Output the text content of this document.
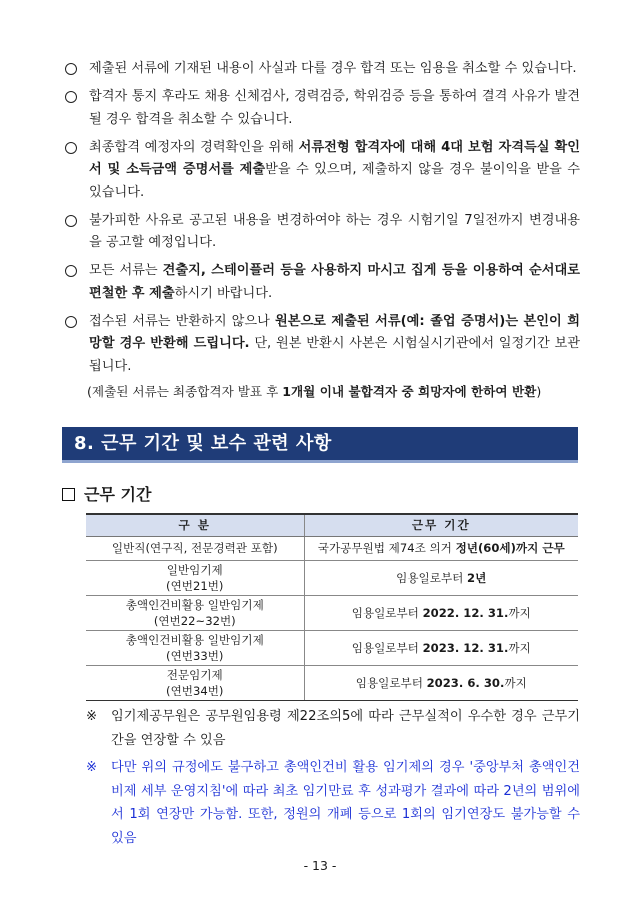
제출된 서류에 기재된 내용이 사실과 다를 경우 합격 또는 임용을 취소할 수 있습니다.
합격자 통지 후라도 채용 신체검사, 경력검증, 학위검증 등을 통하여 결격 사유가 발견될 경우 합격을 취소할 수 있습니다.
최종합격 예정자의 경력확인을 위해 서류전형 합격자에 대해 4대 보험 자격득실 확인서 및 소득금액 증명서를 제출받을 수 있으며, 제출하지 않을 경우 불이익을 받을 수 있습니다.
불가피한 사유로 공고된 내용을 변경하여야 하는 경우 시험기일 7일전까지 변경내용을 공고할 예정입니다.
모든 서류는 견출지, 스테이플러 등을 사용하지 마시고 집게 등을 이용하여 순서대로 편철한 후 제출하시기 바랍니다.
접수된 서류는 반환하지 않으나 원본으로 제출된 서류(예: 졸업 증명서)는 본인이 희망할 경우 반환해 드립니다. 단, 원본 반환시 사본은 시험실시기관에서 일정기간 보관됩니다.
(제출된 서류는 최종합격자 발표 후 1개월 이내 불합격자 중 희망자에 한하여 반환)
8. 근무 기간 및 보수 관련 사항
근무 기간
구 분	근무 기간
일반직(연구직, 전문경력관 포함)	국가공무원법 제74조 의거 정년(60세)까지 근무
일반임기제
(연번21번)	임용일로부터 2년
총액인건비활용 일반임기제
(연번22~32번)	임용일로부터 2022. 12. 31.까지
총액인건비활용 일반임기제
(연번33번)	임용일로부터 2023. 12. 31.까지
전문임기제
(연번34번)	임용일로부터 2023. 6. 30.까지
※ 임기제공무원은 공무원임용령 제22조의5에 따라 근무실적이 우수한 경우 근무기간을 연장할 수 있음
※ 다만 위의 규정에도 불구하고 총액인건비 활용 임기제의 경우 '중앙부처 총액인건비제 세부 운영지침'에 따라 최초 임기만료 후 성과평가 결과에 따라 2년의 범위에서 1회 연장만 가능함. 또한, 정원의 개폐 등으로 1회의 임기연장도 불가능할 수 있음
- 13 -
